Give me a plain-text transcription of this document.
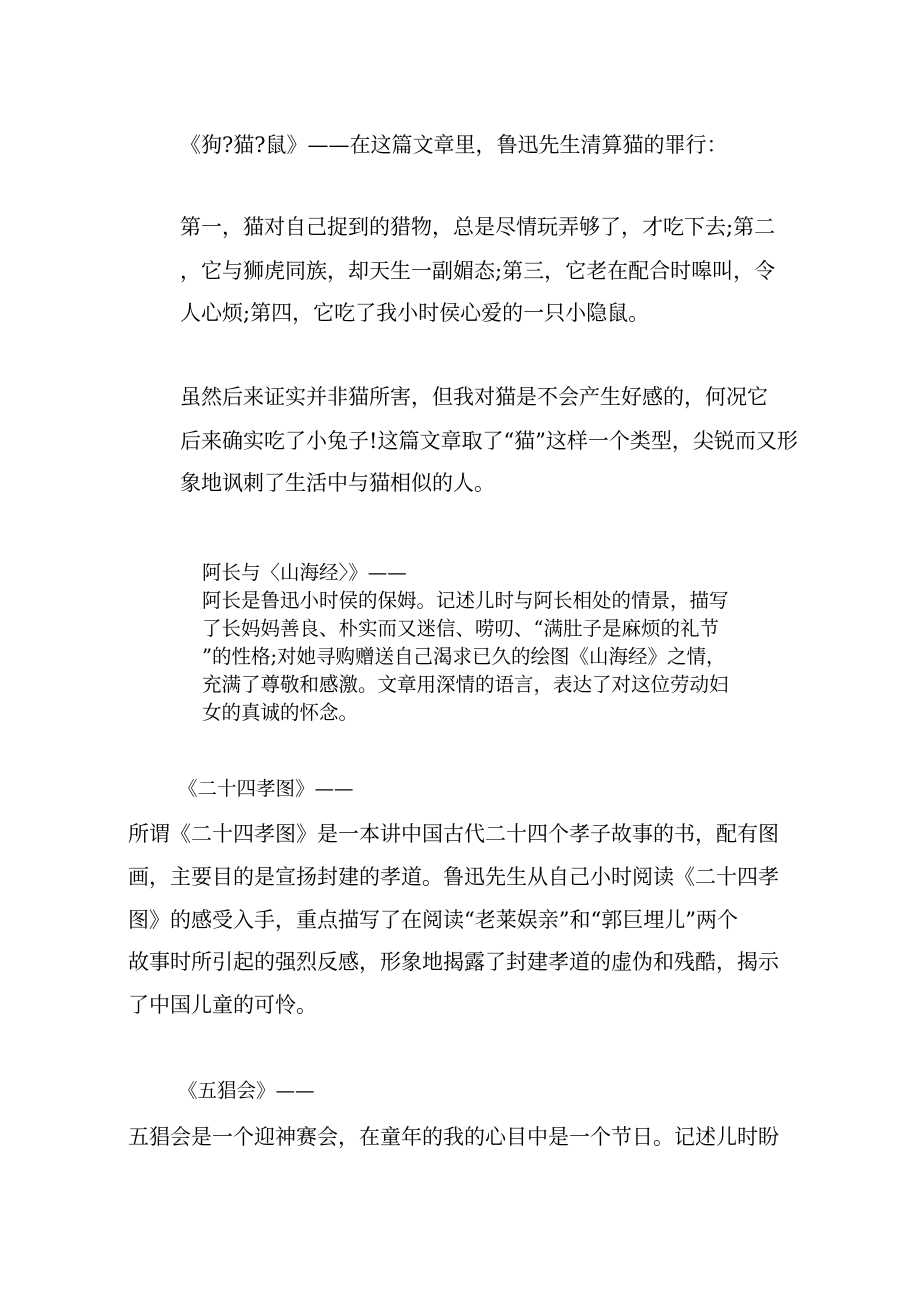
《狗?猫?鼠》——在这篇文章里，鲁迅先生清算猫的罪行：
第一，猫对自己捉到的猎物，总是尽情玩弄够了，才吃下去;第二
，它与狮虎同族，却天生一副媚态;第三，它老在配合时嗥叫，令
人心烦;第四，它吃了我小时侯心爱的一只小隐鼠。
虽然后来证实并非猫所害，但我对猫是不会产生好感的，何况它
后来确实吃了小兔子!这篇文章取了“猫”这样一个类型，尖锐而又形
象地讽刺了生活中与猫相似的人。
阿长与〈山海经〉》——
阿长是鲁迅小时侯的保姆。记述儿时与阿长相处的情景，描写
了长妈妈善良、朴实而又迷信、唠叨、“满肚子是麻烦的礼节
”的性格;对她寻购赠送自己渴求已久的绘图《山海经》之情，
充满了尊敬和感激。文章用深情的语言，表达了对这位劳动妇
女的真诚的怀念。
《二十四孝图》——
所谓《二十四孝图》是一本讲中国古代二十四个孝子故事的书，配有图
画，主要目的是宣扬封建的孝道。鲁迅先生从自己小时阅读《二十四孝
图》的感受入手，重点描写了在阅读“老莱娱亲”和“郭巨埋儿”两个
故事时所引起的强烈反感，形象地揭露了封建孝道的虚伪和残酷，揭示
了中国儿童的可怜。
《五猖会》——
五猖会是一个迎神赛会，在童年的我的心目中是一个节日。记述儿时盼
